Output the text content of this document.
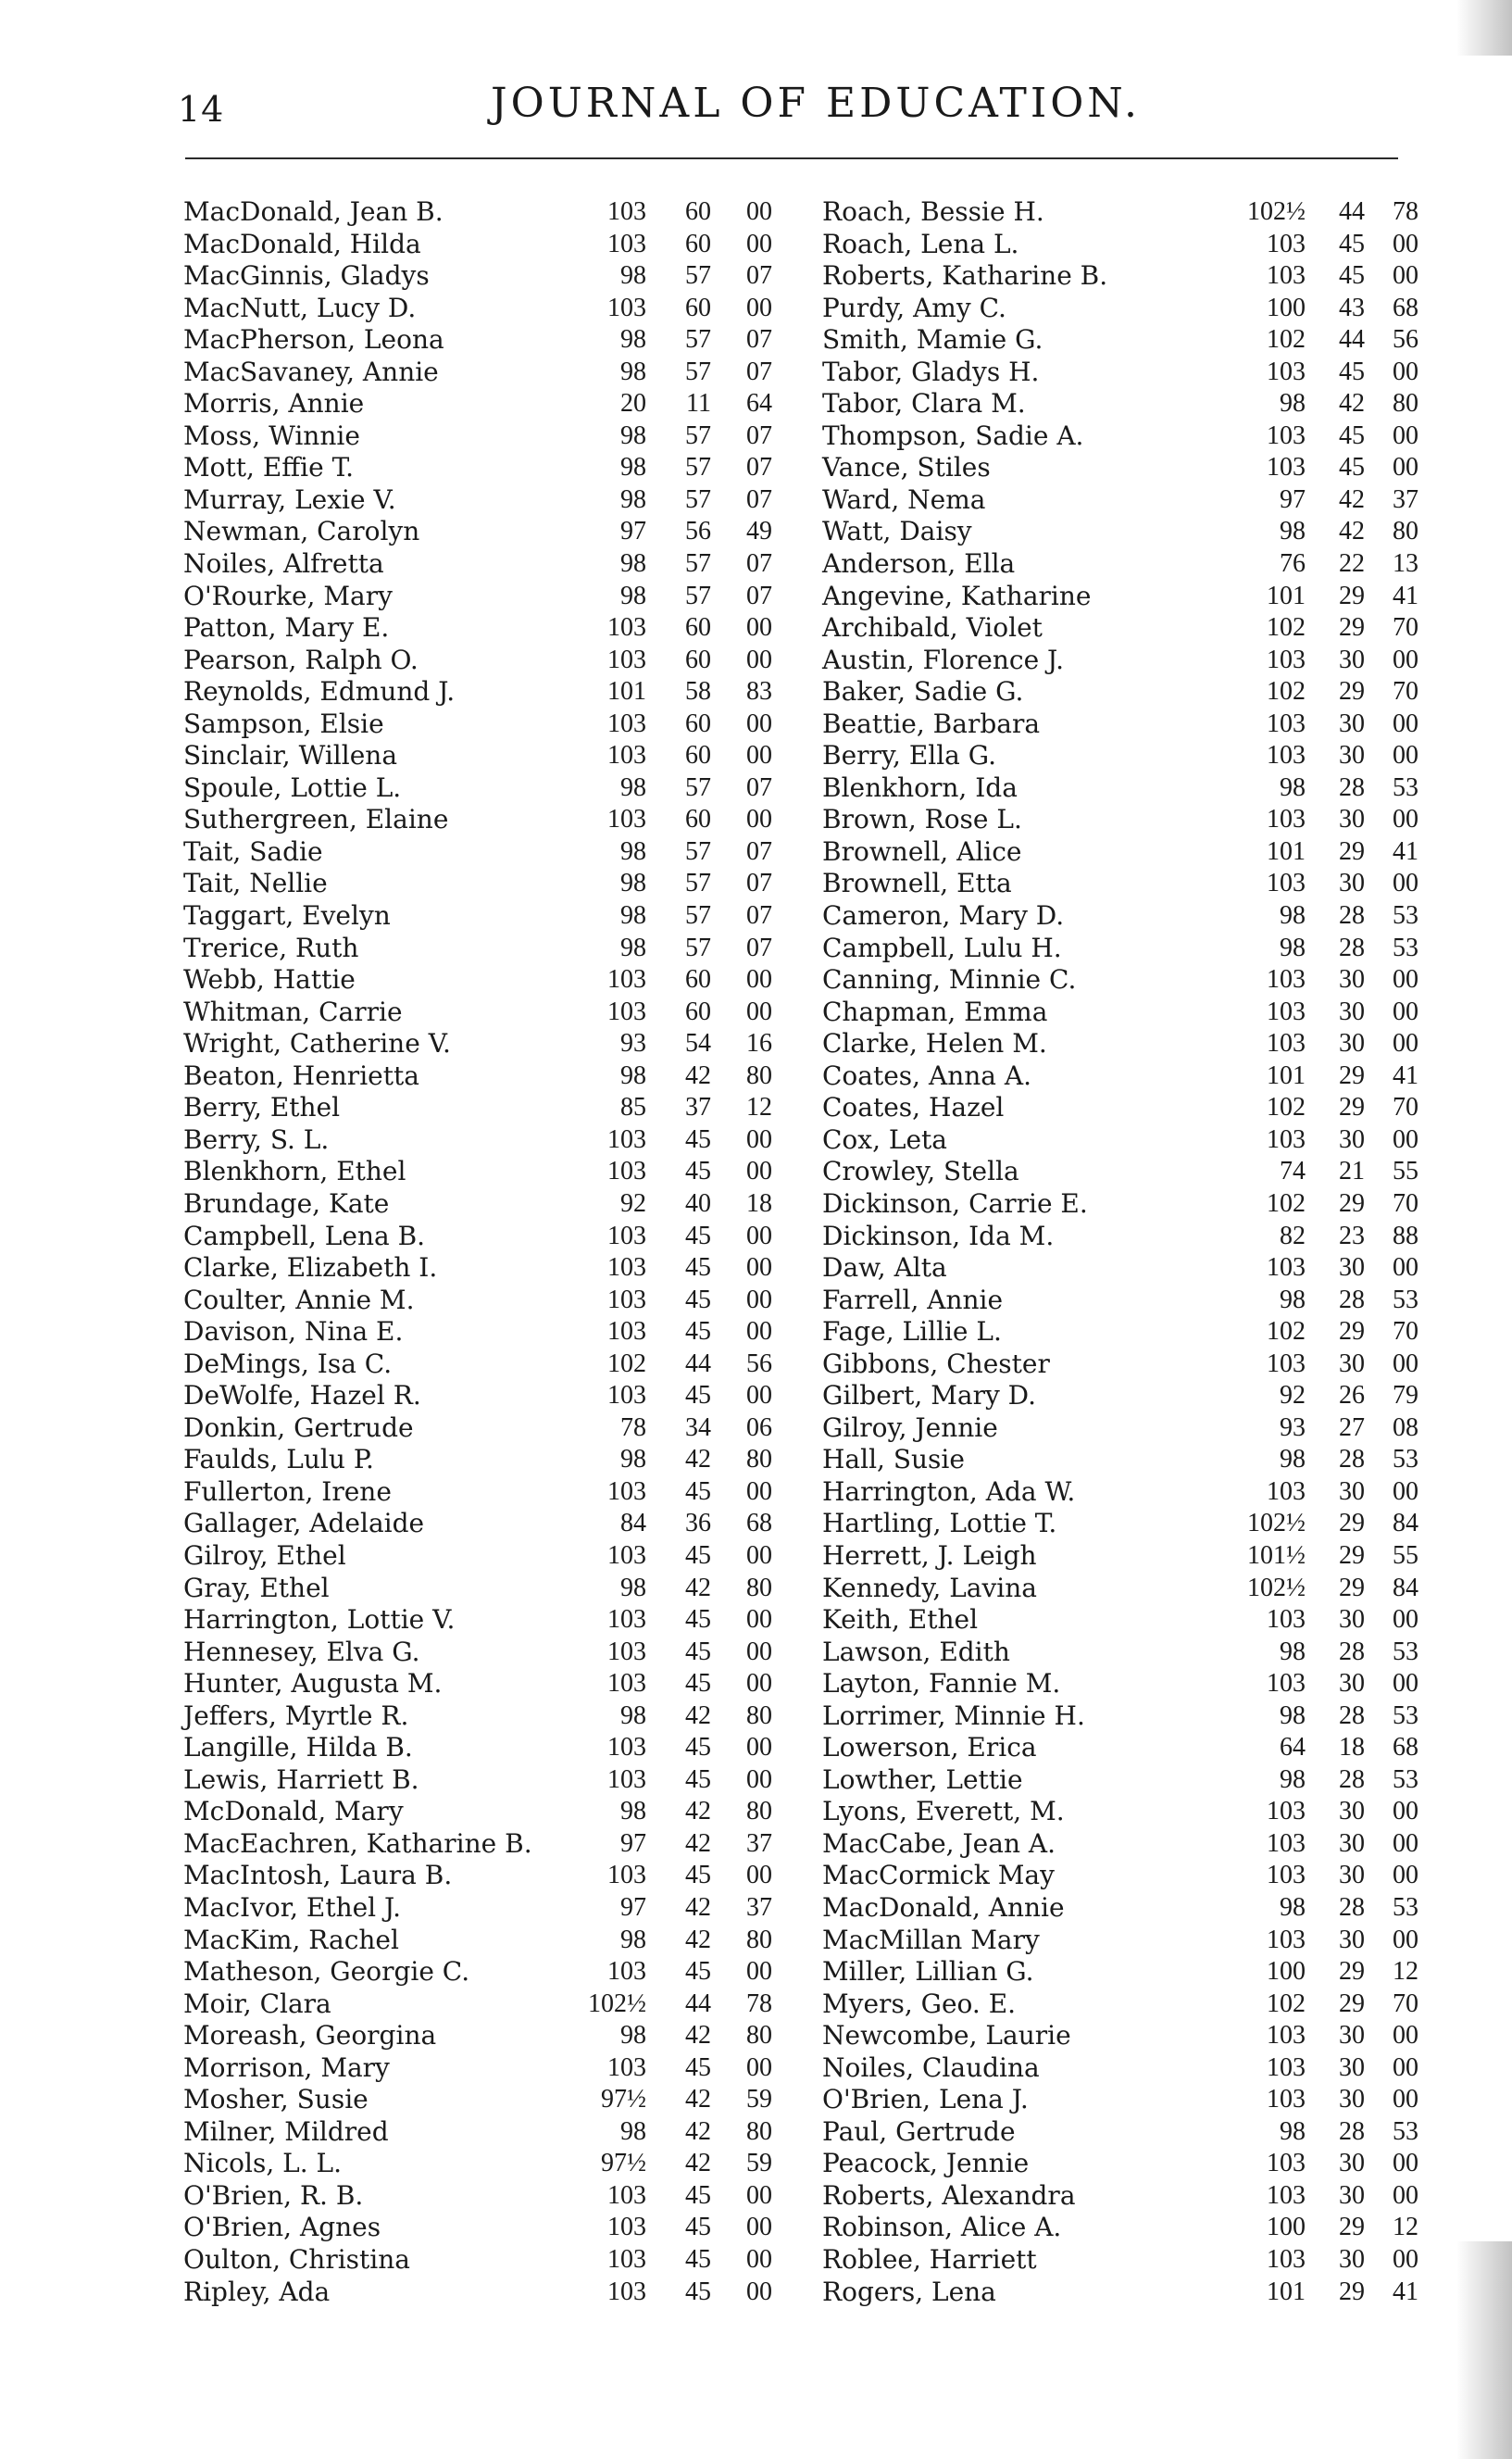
14	JOURNAL OF EDUCATION.
MacDonald, Jean B.	103	60	00
MacDonald, Hilda	103	60	00
MacGinnis, Gladys	98	57	07
MacNutt, Lucy D.	103	60	00
MacPherson, Leona	98	57	07
MacSavaney, Annie	98	57	07
Morris, Annie	20	11	64
Moss, Winnie	98	57	07
Mott, Effie T.	98	57	07
Murray, Lexie V.	98	57	07
Newman, Carolyn	97	56	49
Noiles, Alfretta	98	57	07
O'Rourke, Mary	98	57	07
Patton, Mary E.	103	60	00
Pearson, Ralph O.	103	60	00
Reynolds, Edmund J.	101	58	83
Sampson, Elsie	103	60	00
Sinclair, Willena	103	60	00
Spoule, Lottie L.	98	57	07
Suthergreen, Elaine	103	60	00
Tait, Sadie	98	57	07
Tait, Nellie	98	57	07
Taggart, Evelyn	98	57	07
Trerice, Ruth	98	57	07
Webb, Hattie	103	60	00
Whitman, Carrie	103	60	00
Wright, Catherine V.	93	54	16
Beaton, Henrietta	98	42	80
Berry, Ethel	85	37	12
Berry, S. L.	103	45	00
Blenkhorn, Ethel	103	45	00
Brundage, Kate	92	40	18
Campbell, Lena B.	103	45	00
Clarke, Elizabeth I.	103	45	00
Coulter, Annie M.	103	45	00
Davison, Nina E.	103	45	00
DeMings, Isa C.	102	44	56
DeWolfe, Hazel R.	103	45	00
Donkin, Gertrude	78	34	06
Faulds, Lulu P.	98	42	80
Fullerton, Irene	103	45	00
Gallager, Adelaide	84	36	68
Gilroy, Ethel	103	45	00
Gray, Ethel	98	42	80
Harrington, Lottie V.	103	45	00
Hennesey, Elva G.	103	45	00
Hunter, Augusta M.	103	45	00
Jeffers, Myrtle R.	98	42	80
Langille, Hilda B.	103	45	00
Lewis, Harriett B.	103	45	00
McDonald, Mary	98	42	80
MacEachren, Katharine B.	97	42	37
MacIntosh, Laura B.	103	45	00
MacIvor, Ethel J.	97	42	37
MacKim, Rachel	98	42	80
Matheson, Georgie C.	103	45	00
Moir, Clara	102½	44	78
Moreash, Georgina	98	42	80
Morrison, Mary	103	45	00
Mosher, Susie	97½	42	59
Milner, Mildred	98	42	80
Nicols, L. L.	97½	42	59
O'Brien, R. B.	103	45	00
O'Brien, Agnes	103	45	00
Oulton, Christina	103	45	00
Ripley, Ada	103	45	00
Roach, Bessie H.	102½	44	78
Roach, Lena L.	103	45	00
Roberts, Katharine B.	103	45	00
Purdy, Amy C.	100	43	68
Smith, Mamie G.	102	44	56
Tabor, Gladys H.	103	45	00
Tabor, Clara M.	98	42	80
Thompson, Sadie A.	103	45	00
Vance, Stiles	103	45	00
Ward, Nema	97	42	37
Watt, Daisy	98	42	80
Anderson, Ella	76	22	13
Angevine, Katharine	101	29	41
Archibald, Violet	102	29	70
Austin, Florence J.	103	30	00
Baker, Sadie G.	102	29	70
Beattie, Barbara	103	30	00
Berry, Ella G.	103	30	00
Blenkhorn, Ida	98	28	53
Brown, Rose L.	103	30	00
Brownell, Alice	101	29	41
Brownell, Etta	103	30	00
Cameron, Mary D.	98	28	53
Campbell, Lulu H.	98	28	53
Canning, Minnie C.	103	30	00
Chapman, Emma	103	30	00
Clarke, Helen M.	103	30	00
Coates, Anna A.	101	29	41
Coates, Hazel	102	29	70
Cox, Leta	103	30	00
Crowley, Stella	74	21	55
Dickinson, Carrie E.	102	29	70
Dickinson, Ida M.	82	23	88
Daw, Alta	103	30	00
Farrell, Annie	98	28	53
Fage, Lillie L.	102	29	70
Gibbons, Chester	103	30	00
Gilbert, Mary D.	92	26	79
Gilroy, Jennie	93	27	08
Hall, Susie	98	28	53
Harrington, Ada W.	103	30	00
Hartling, Lottie T.	102½	29	84
Herrett, J. Leigh	101½	29	55
Kennedy, Lavina	102½	29	84
Keith, Ethel	103	30	00
Lawson, Edith	98	28	53
Layton, Fannie M.	103	30	00
Lorrimer, Minnie H.	98	28	53
Lowerson, Erica	64	18	68
Lowther, Lettie	98	28	53
Lyons, Everett, M.	103	30	00
MacCabe, Jean A.	103	30	00
MacCormick May	103	30	00
MacDonald, Annie	98	28	53
MacMillan Mary	103	30	00
Miller, Lillian G.	100	29	12
Myers, Geo. E.	102	29	70
Newcombe, Laurie	103	30	00
Noiles, Claudina	103	30	00
O'Brien, Lena J.	103	30	00
Paul, Gertrude	98	28	53
Peacock, Jennie	103	30	00
Roberts, Alexandra	103	30	00
Robinson, Alice A.	100	29	12
Roblee, Harriett	103	30	00
Rogers, Lena	101	29	41
